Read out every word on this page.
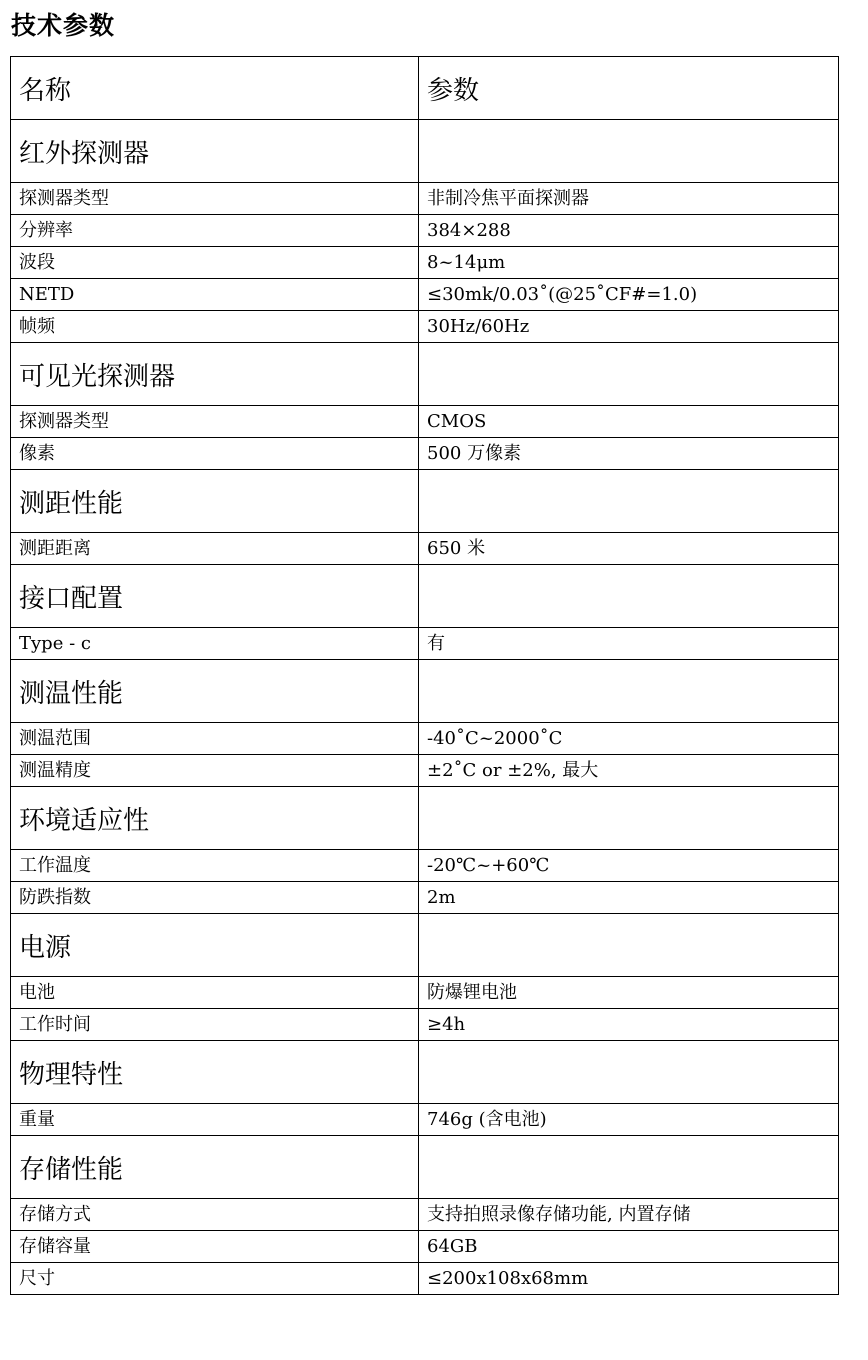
技术参数
名称	参数
红外探测器	
探测器类型	非制冷焦平面探测器
分辨率	384×288
波段	8~14μm
NETD	≤30mk/0.03˚(@25˚CF#=1.0)
帧频	30Hz/60Hz
可见光探测器	
探测器类型	CMOS
像素	500 万像素
测距性能	
测距距离	650 米
接口配置	
Type - c	有
测温性能	
测温范围	-40˚C~2000˚C
测温精度	±2˚C or ±2%, 最大
环境适应性	
工作温度	-20℃~+60℃
防跌指数	2m
电源	
电池	防爆锂电池
工作时间	≥4h
物理特性	
重量	746g (含电池)
存储性能	
存储方式	支持拍照录像存储功能, 内置存储
存储容量	64GB
尺寸	≤200x108x68mm
